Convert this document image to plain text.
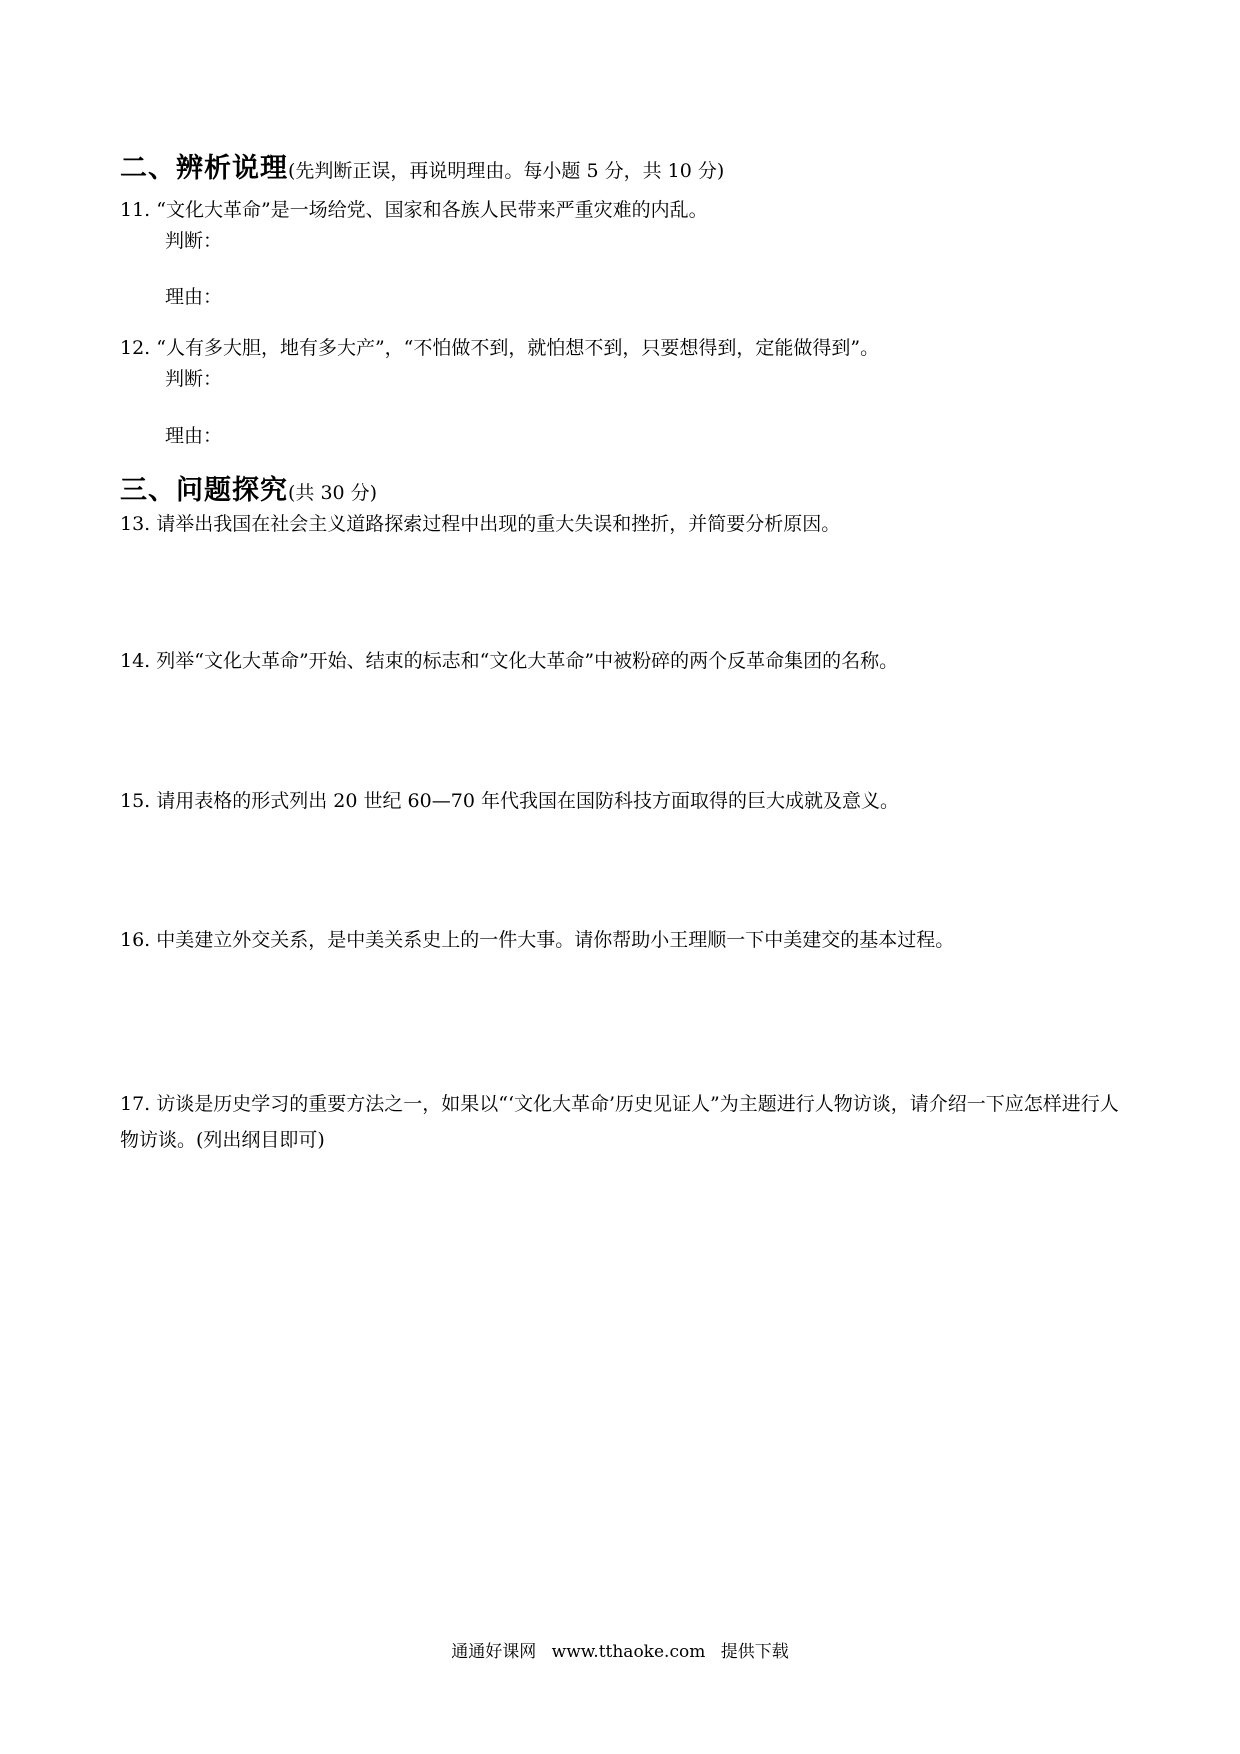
二、辨析说理(先判断正误，再说明理由。每小题 5 分，共 10 分)
11. “文化大革命”是一场给党、国家和各族人民带来严重灾难的内乱。
判断：
理由：
12. “人有多大胆，地有多大产”，“不怕做不到，就怕想不到，只要想得到，定能做得到”。
判断：
理由：
三、问题探究(共 30 分)
13. 请举出我国在社会主义道路探索过程中出现的重大失误和挫折，并简要分析原因。
14. 列举“文化大革命”开始、结束的标志和“文化大革命”中被粉碎的两个反革命集团的名称。
15. 请用表格的形式列出 20 世纪 60—70 年代我国在国防科技方面取得的巨大成就及意义。
16. 中美建立外交关系，是中美关系史上的一件大事。请你帮助小王理顺一下中美建交的基本过程。
17. 访谈是历史学习的重要方法之一，如果以“‘文化大革命’历史见证人”为主题进行人物访谈，请介绍一下应怎样进行人物访谈。(列出纲目即可)
通通好课网 www.tthaoke.com 提供下载
